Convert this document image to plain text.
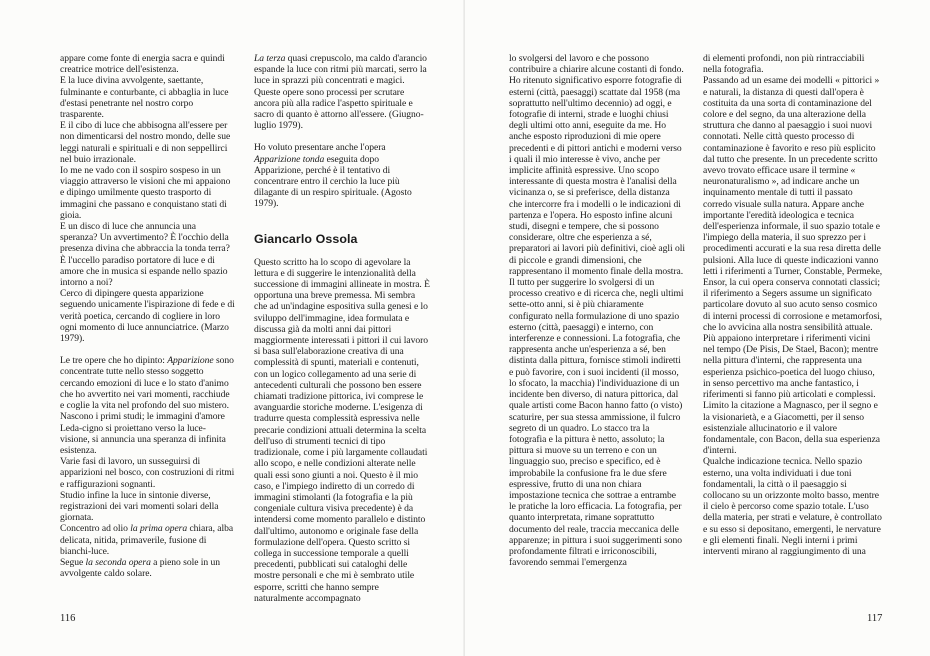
appare come fonte di energia sacra e quindi creatrice motrice dell'esistenza.

E la luce divina avvolgente, saettante, fulminante e conturbante, ci abbaglia in luce d'estasi penetrante nel nostro corpo trasparente.

E il cibo di luce che abbisogna all'essere per non dimenticarsi del nostro mondo, delle sue leggi naturali e spirituali e di non seppellirci nel buio irrazionale.

Io me ne vado con il sospiro sospeso in un viaggio attraverso le visioni che mi appaiono e dipingo umilmente questo trasporto di immagini che passano e conquistano stati di gioia.

E un disco di luce che annuncia una speranza? Un avvertimento? È l'occhio della presenza divina che abbraccia la tonda terra? È l'uccello paradiso portatore di luce e di amore che in musica si espande nello spazio intorno a noi?

Cerco di dipingere questa apparizione seguendo unicamente l'ispirazione di fede e di verità poetica, cercando di cogliere in loro ogni momento di luce annunciatrice. (Marzo 1979).

Le tre opere che ho dipinto: Apparizione sono concentrate tutte nello stesso soggetto cercando emozioni di luce e lo stato d'animo che ho avvertito nei vari momenti, racchiude e coglie la vita nel profondo del suo mistero.

Nascono i primi studi; le immagini d'amore Leda-cigno si proiettano verso la luce-visione, si annuncia una speranza di infinita esistenza.

Varie fasi di lavoro, un susseguirsi di apparizioni nel bosco, con costruzioni di ritmi e raffigurazioni sognanti.

Studio infine la luce in sintonie diverse, registrazioni dei vari momenti solari della giornata.

Concentro ad olio la prima opera chiara, alba delicata, nitida, primaverile, fusione di bianchi-luce.

Segue la seconda opera a pieno sole in un avvolgente caldo solare.

La terza quasi crepuscolo, ma caldo d'arancio espande la luce con ritmi più marcati, serro la luce in sprazzi più concentrati e magici.

Queste opere sono processi per scrutare ancora più alla radice l'aspetto spirituale e sacro di quanto è attorno all'essere. (Giugno-luglio 1979).

Ho voluto presentare anche l'opera Apparizione tonda eseguita dopo Apparizione, perché è il tentativo di concentrare entro il cerchio la luce più dilagante di un respiro spirituale. (Agosto 1979).

Giancarlo Ossola

Questo scritto ha lo scopo di agevolare la lettura e di suggerire le intenzionalità della successione di immagini allineate in mostra. È opportuna una breve premessa. Mi sembra che ad un'indagine espositiva sulla genesi e lo sviluppo dell'immagine, idea formulata e discussa già da molti anni dai pittori maggiormente interessati i pittori il cui lavoro si basa sull'elaborazione creativa di una complessità di spunti, materiali e contenuti, con un logico collegamento ad una serie di antecedenti culturali che possono ben essere chiamati tradizione pittorica, ivi comprese le avanguardie storiche moderne. L'esigenza di tradurre questa complessità espressiva nelle precarie condizioni attuali determina la scelta dell'uso di strumenti tecnici di tipo tradizionale, come i più largamente collaudati allo scopo, e nelle condizioni alterate nelle quali essi sono giunti a noi. Questo è il mio caso, e l'impiego indiretto di un corredo di immagini stimolanti (la fotografia e la più congeniale cultura visiva precedente) è da intendersi come momento parallelo e distinto dall'ultimo, autonomo e originale fase della formulazione dell'opera. Questo scritto si collega in successione temporale a quelli precedenti, pubblicati sui cataloghi delle mostre personali e che mi è sembrato utile esporre, scritti che hanno sempre naturalmente accompagnato

116

lo svolgersi del lavoro e che possono contribuire a chiarire alcune costanti di fondo.

Ho ritenuto significativo esporre fotografie di esterni (città, paesaggi) scattate dal 1958 (ma soprattutto nell'ultimo decennio) ad oggi, e fotografie di interni, strade e luoghi chiusi degli ultimi otto anni, eseguite da me. Ho anche esposto riproduzioni di mie opere precedenti e di pittori antichi e moderni verso i quali il mio interesse è vivo, anche per implicite affinità espressive. Uno scopo interessante di questa mostra è l'analisi della vicinanza o, se si preferisce, della distanza che intercorre fra i modelli o le indicazioni di partenza e l'opera. Ho esposto infine alcuni studi, disegni e tempere, che si possono considerare, oltre che esperienza a sé, preparatori ai lavori più definitivi, cioè agli oli di piccole e grandi dimensioni, che rappresentano il momento finale della mostra. Il tutto per suggerire lo svolgersi di un processo creativo e di ricerca che, negli ultimi sette-otto anni, si è più chiaramente configurato nella formulazione di uno spazio esterno (città, paesaggi) e interno, con interferenze e connessioni. La fotografia, che rappresenta anche un'esperienza a sé, ben distinta dalla pittura, fornisce stimoli indiretti e può favorire, con i suoi incidenti (il mosso, lo sfocato, la macchia) l'individuazione di un incidente ben diverso, di natura pittorica, dal quale artisti come Bacon hanno fatto (o visto) scaturire, per sua stessa ammissione, il fulcro segreto di un quadro. Lo stacco tra la fotografia e la pittura è netto, assoluto; la pittura si muove su un terreno e con un linguaggio suo, preciso e specifico, ed è improbabile la confusione fra le due sfere espressive, frutto di una non chiara impostazione tecnica che sottrae a entrambe le pratiche la loro efficacia. La fotografia, per quanto interpretata, rimane soprattutto documento del reale, traccia meccanica delle apparenze; in pittura i suoi suggerimenti sono profondamente filtrati e irriconoscibili, favorendo semmai l'emergenza

di elementi profondi, non più rintracciabili nella fotografia.

Passando ad un esame dei modelli « pittorici » e naturali, la distanza di questi dall'opera è costituita da una sorta di contaminazione del colore e del segno, da una alterazione della struttura che danno al paesaggio i suoi nuovi connotati. Nelle città questo processo di contaminazione è favorito e reso più esplicito dal tutto che presente. In un precedente scritto avevo trovato efficace usare il termine « neuronaturalismo », ad indicare anche un inquinamento mentale di tutti il passato corredo visuale sulla natura. Appare anche importante l'eredità ideologica e tecnica dell'esperienza informale, il suo spazio totale e l'impiego della materia, il suo sprezzo per i procedimenti accurati e la sua resa diretta delle pulsioni. Alla luce di queste indicazioni vanno letti i riferimenti a Turner, Constable, Permeke, Ensor, la cui opera conserva connotati classici; il riferimento a Segers assume un significato particolare dovuto al suo acuto senso cosmico di interni processi di corrosione e metamorfosi, che lo avvicina alla nostra sensibilità attuale. Più appaiono interpretare i riferimenti vicini nel tempo (De Pisis, De Stael, Bacon); mentre nella pittura d'interni, che rappresenta una esperienza psichico-poetica del luogo chiuso, in senso percettivo ma anche fantastico, i riferimenti si fanno più articolati e complessi. Limito la citazione a Magnasco, per il segno e la visionarietà, e a Giacometti, per il senso esistenziale allucinatorio e il valore fondamentale, con Bacon, della sua esperienza d'interni.

Qualche indicazione tecnica. Nello spazio esterno, una volta individuati i due toni fondamentali, la città o il paesaggio si collocano su un orizzonte molto basso, mentre il cielo è percorso come spazio totale. L'uso della materia, per strati e velature, è controllato e su esso si depositano, emergenti, le nervature e gli elementi finali. Negli interni i primi interventi mirano al raggiungimento di una

117
